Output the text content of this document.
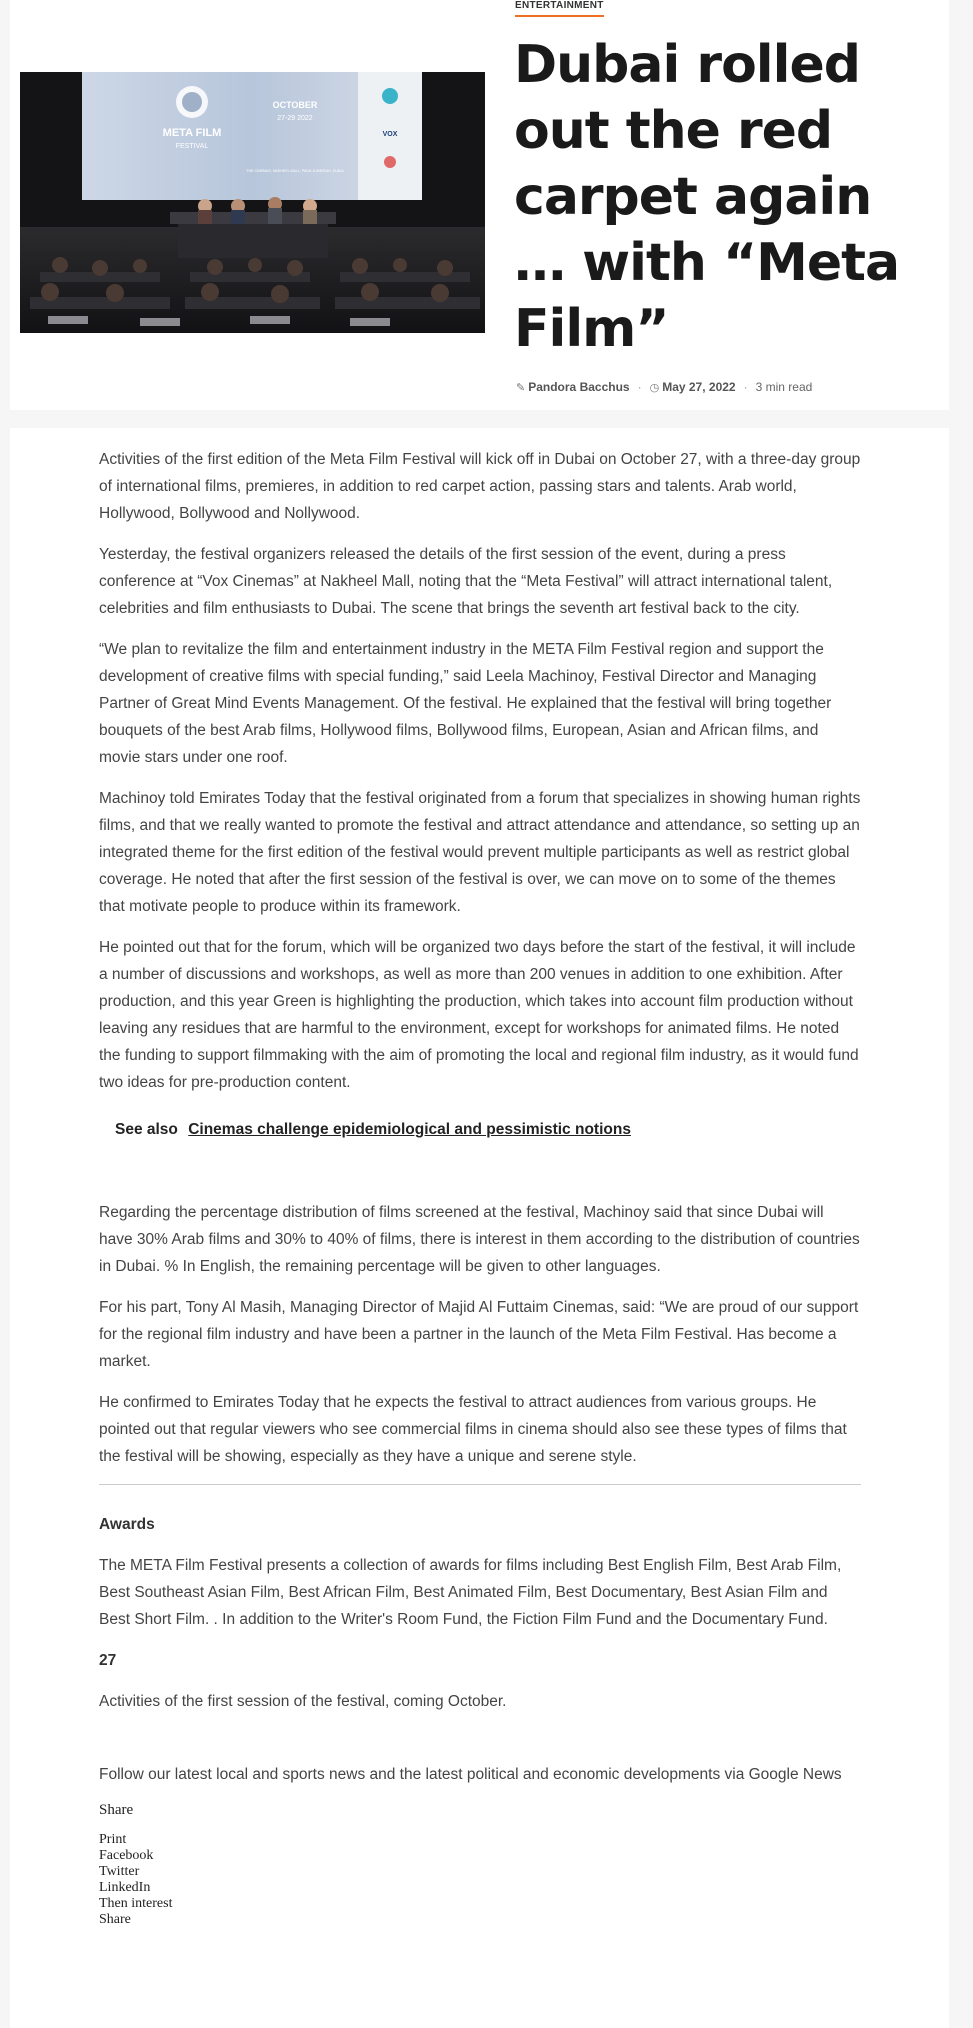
META FILM
FESTIVAL
OCTOBER
27-29 2022
THE CINEMAS, NAKHEEL MALL, PALM JUMEIRAH, DUBAI
VOX
ENTERTAINMENT
Dubai rolled out the red carpet again … with “Meta Film”
✎ Pandora Bacchus · ◷ May 27, 2022 · 3 min read

Activities of the first edition of the Meta Film Festival will kick off in Dubai on October 27, with a three-day group of international films, premieres, in addition to red carpet action, passing stars and talents. Arab world, Hollywood, Bollywood and Nollywood.

Yesterday, the festival organizers released the details of the first session of the event, during a press conference at “Vox Cinemas” at Nakheel Mall, noting that the “Meta Festival” will attract international talent, celebrities and film enthusiasts to Dubai. The scene that brings the seventh art festival back to the city.

“We plan to revitalize the film and entertainment industry in the META Film Festival region and support the development of creative films with special funding,” said Leela Machinoy, Festival Director and Managing Partner of Great Mind Events Management. Of the festival. He explained that the festival will bring together bouquets of the best Arab films, Hollywood films, Bollywood films, European, Asian and African films, and movie stars under one roof.

Machinoy told Emirates Today that the festival originated from a forum that specializes in showing human rights films, and that we really wanted to promote the festival and attract attendance and attendance, so setting up an integrated theme for the first edition of the festival would prevent multiple participants as well as restrict global coverage. He noted that after the first session of the festival is over, we can move on to some of the themes that motivate people to produce within its framework.

He pointed out that for the forum, which will be organized two days before the start of the festival, it will include a number of discussions and workshops, as well as more than 200 venues in addition to one exhibition. After production, and this year Green is highlighting the production, which takes into account film production without leaving any residues that are harmful to the environment, except for workshops for animated films. He noted the funding to support filmmaking with the aim of promoting the local and regional film industry, as it would fund two ideas for pre-production content.

See also Cinemas challenge epidemiological and pessimistic notions

Regarding the percentage distribution of films screened at the festival, Machinoy said that since Dubai will have 30% Arab films and 30% to 40% of films, there is interest in them according to the distribution of countries in Dubai. % In English, the remaining percentage will be given to other languages.

For his part, Tony Al Masih, Managing Director of Majid Al Futtaim Cinemas, said: “We are proud of our support for the regional film industry and have been a partner in the launch of the Meta Film Festival. Has become a market.

He confirmed to Emirates Today that he expects the festival to attract audiences from various groups. He pointed out that regular viewers who see commercial films in cinema should also see these types of films that the festival will be showing, especially as they have a unique and serene style.

Awards

The META Film Festival presents a collection of awards for films including Best English Film, Best Arab Film, Best Southeast Asian Film, Best African Film, Best Animated Film, Best Documentary, Best Asian Film and Best Short Film. . In addition to the Writer's Room Fund, the Fiction Film Fund and the Documentary Fund.

27

Activities of the first session of the festival, coming October.

Follow our latest local and sports news and the latest political and economic developments via Google News

Share
Print
Facebook
Twitter
LinkedIn
Then interest
Share
